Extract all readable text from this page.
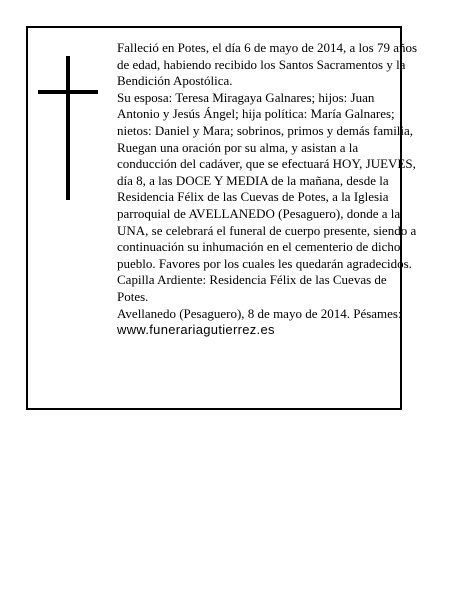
Falleció en Potes, el día 6 de mayo de 2014, a los 79 años de edad, habiendo recibido los Santos Sacramentos y la Bendición Apostólica.

Su esposa: Teresa Miragaya Galnares; hijos: Juan Antonio y Jesús Ángel; hija política: María Galnares; nietos: Daniel y Mara; sobrinos, primos y demás familia,

Ruegan una oración por su alma, y asistan a la conducción del cadáver, que se efectuará HOY, JUEVES, día 8, a las DOCE Y MEDIA de la mañana, desde la Residencia Félix de las Cuevas de Potes, a la Iglesia parroquial de AVELLANEDO (Pesaguero), donde a la UNA, se celebrará el funeral de cuerpo presente, siendo a continuación su inhumación en el cementerio de dicho pueblo. Favores por los cuales les quedarán agradecidos. Capilla Ardiente: Residencia Félix de las Cuevas de Potes.

Avellanedo (Pesaguero), 8 de mayo de 2014. Pésames:

www.funerariagutierrez.es
